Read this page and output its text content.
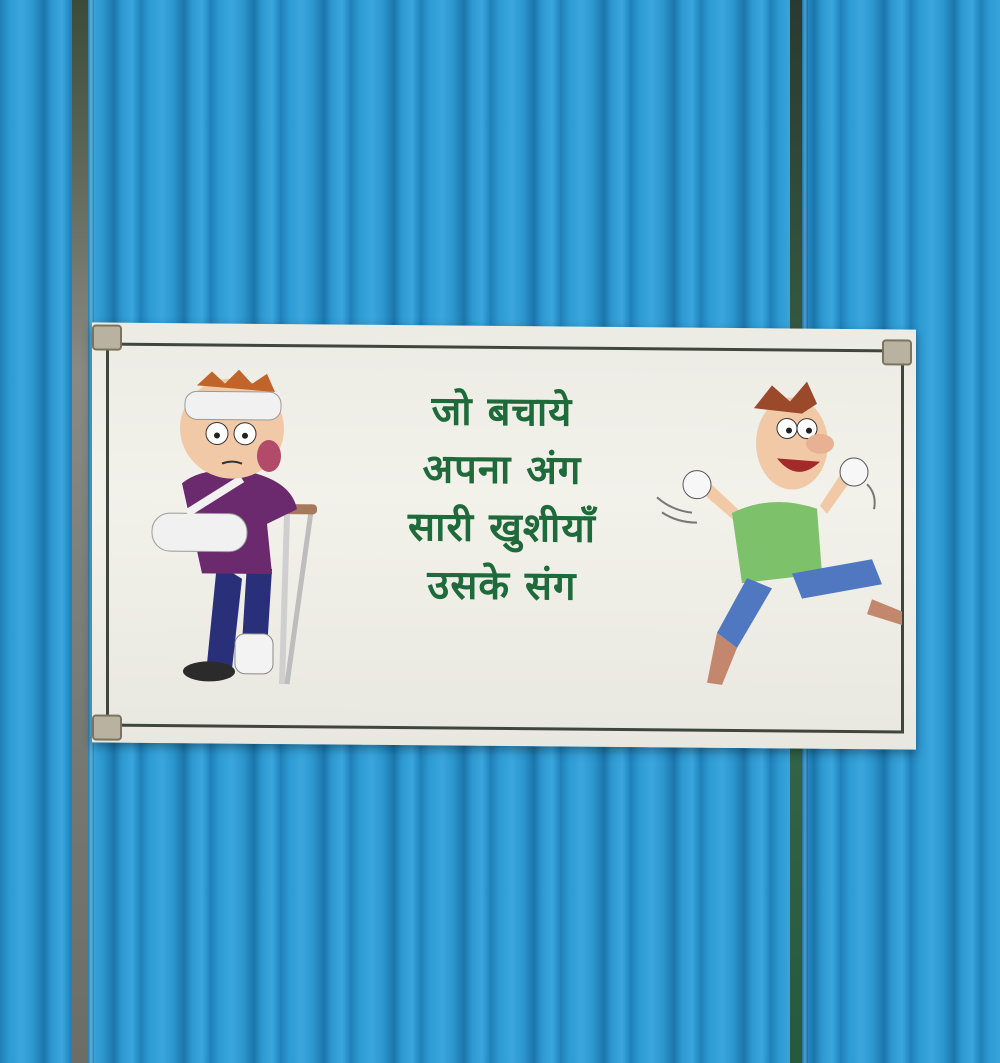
जो बचाये
अपना अंग
सारी खुशीयाँ
उसके संग
